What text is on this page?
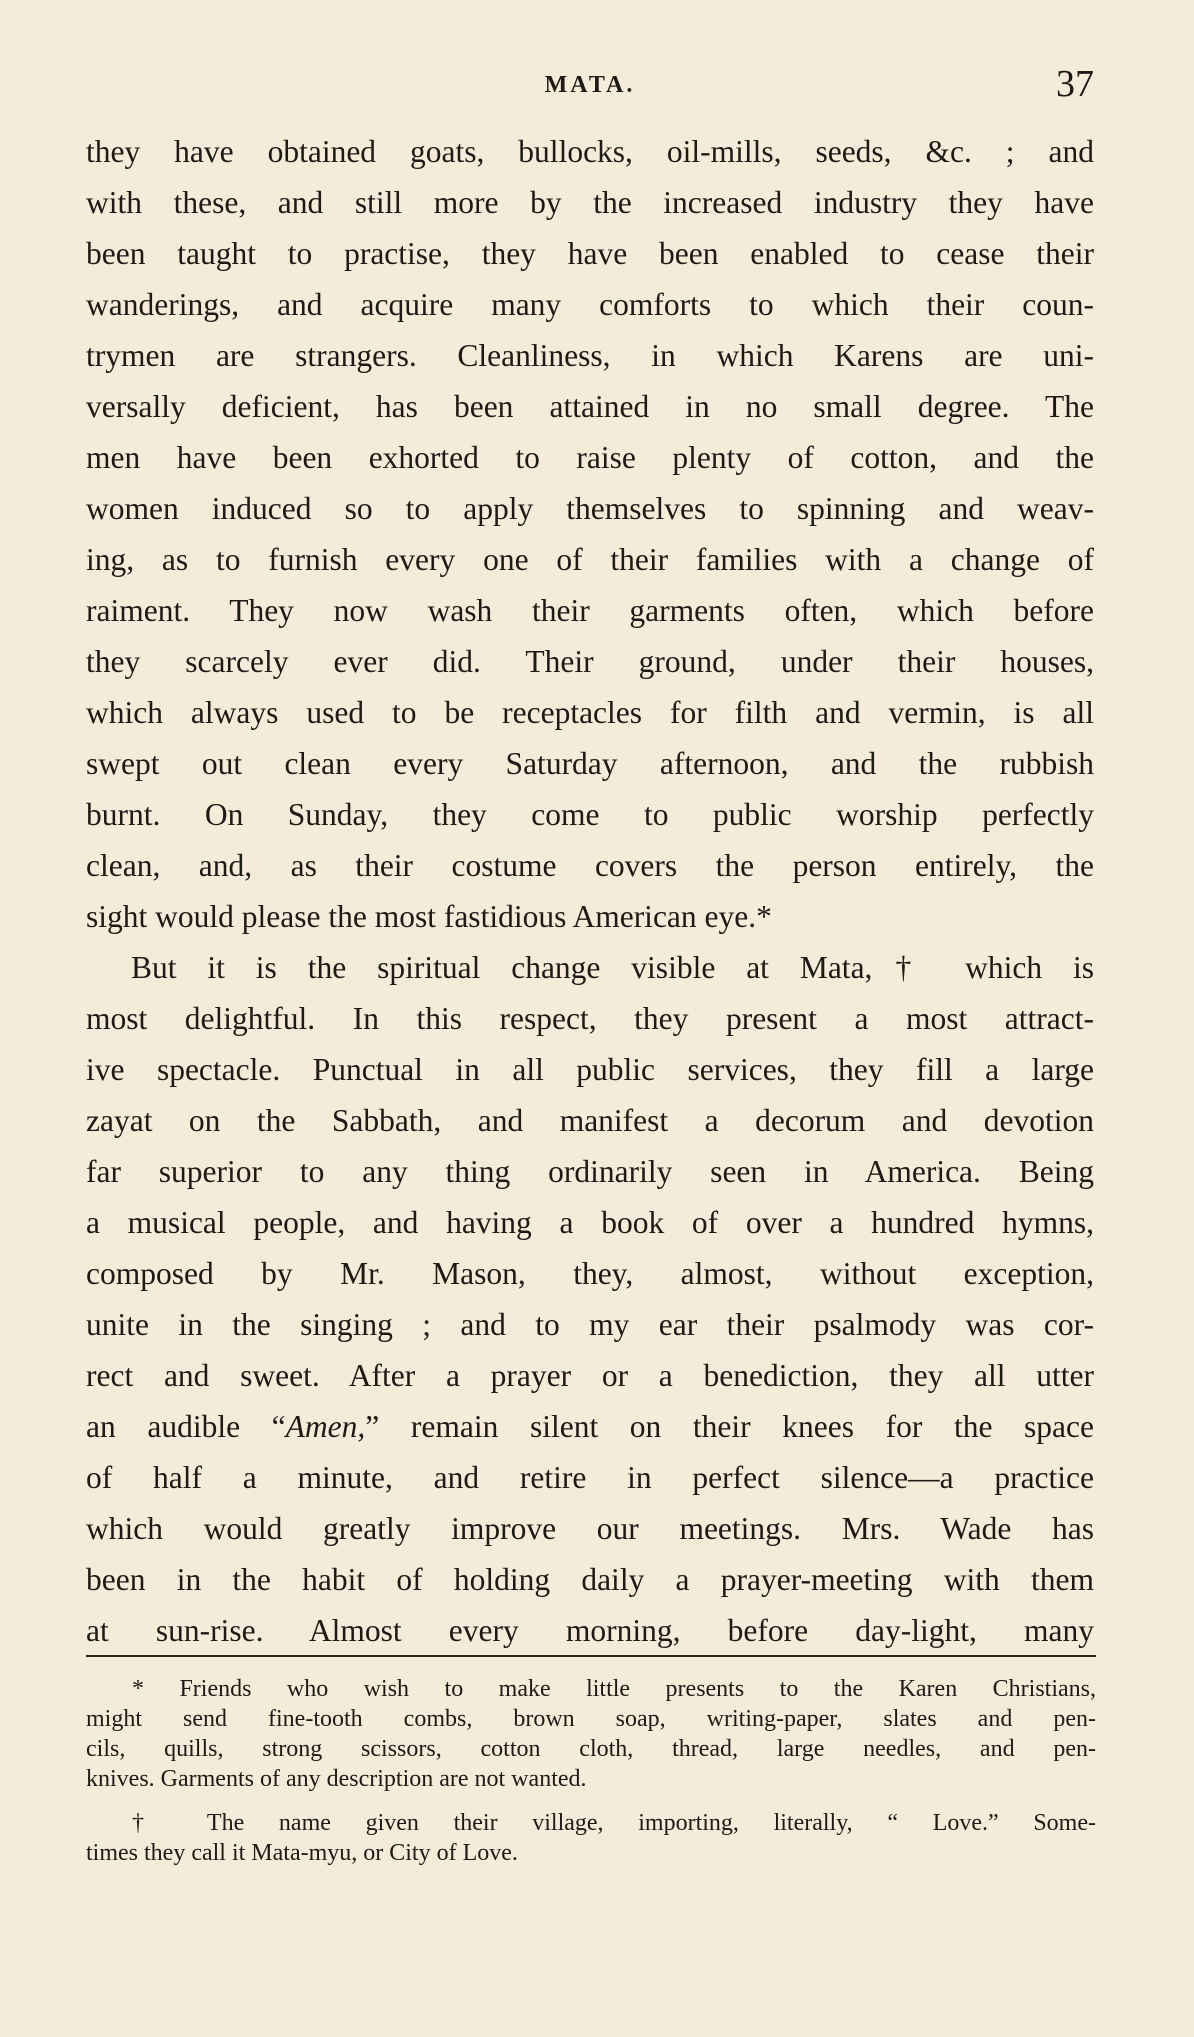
MATA.	37
they have obtained goats, bullocks, oil-mills, seeds, &c. ; and
with these, and still more by the increased industry they have
been taught to practise, they have been enabled to cease their
wanderings, and acquire many comforts to which their coun-
trymen are strangers. Cleanliness, in which Karens are uni-
versally deficient, has been attained in no small degree. The
men have been exhorted to raise plenty of cotton, and the
women induced so to apply themselves to spinning and weav-
ing, as to furnish every one of their families with a change of
raiment. They now wash their garments often, which before
they scarcely ever did. Their ground, under their houses,
which always used to be receptacles for filth and vermin, is all
swept out clean every Saturday afternoon, and the rubbish
burnt. On Sunday, they come to public worship perfectly
clean, and, as their costume covers the person entirely, the
sight would please the most fastidious American eye.*
But it is the spiritual change visible at Mata,† which is
most delightful. In this respect, they present a most attract-
ive spectacle. Punctual in all public services, they fill a large
zayat on the Sabbath, and manifest a decorum and devotion
far superior to any thing ordinarily seen in America. Being
a musical people, and having a book of over a hundred hymns,
composed by Mr. Mason, they, almost, without exception,
unite in the singing ; and to my ear their psalmody was cor-
rect and sweet. After a prayer or a benediction, they all utter
an audible “Amen,” remain silent on their knees for the space
of half a minute, and retire in perfect silence—a practice
which would greatly improve our meetings. Mrs. Wade has
been in the habit of holding daily a prayer-meeting with them
at sun-rise. Almost every morning, before day-light, many
* Friends who wish to make little presents to the Karen Christians,
might send fine-tooth combs, brown soap, writing-paper, slates and pen-
cils, quills, strong scissors, cotton cloth, thread, large needles, and pen-
knives. Garments of any description are not wanted.
† The name given their village, importing, literally, “ Love.” Some-
times they call it Mata-myu, or City of Love.
